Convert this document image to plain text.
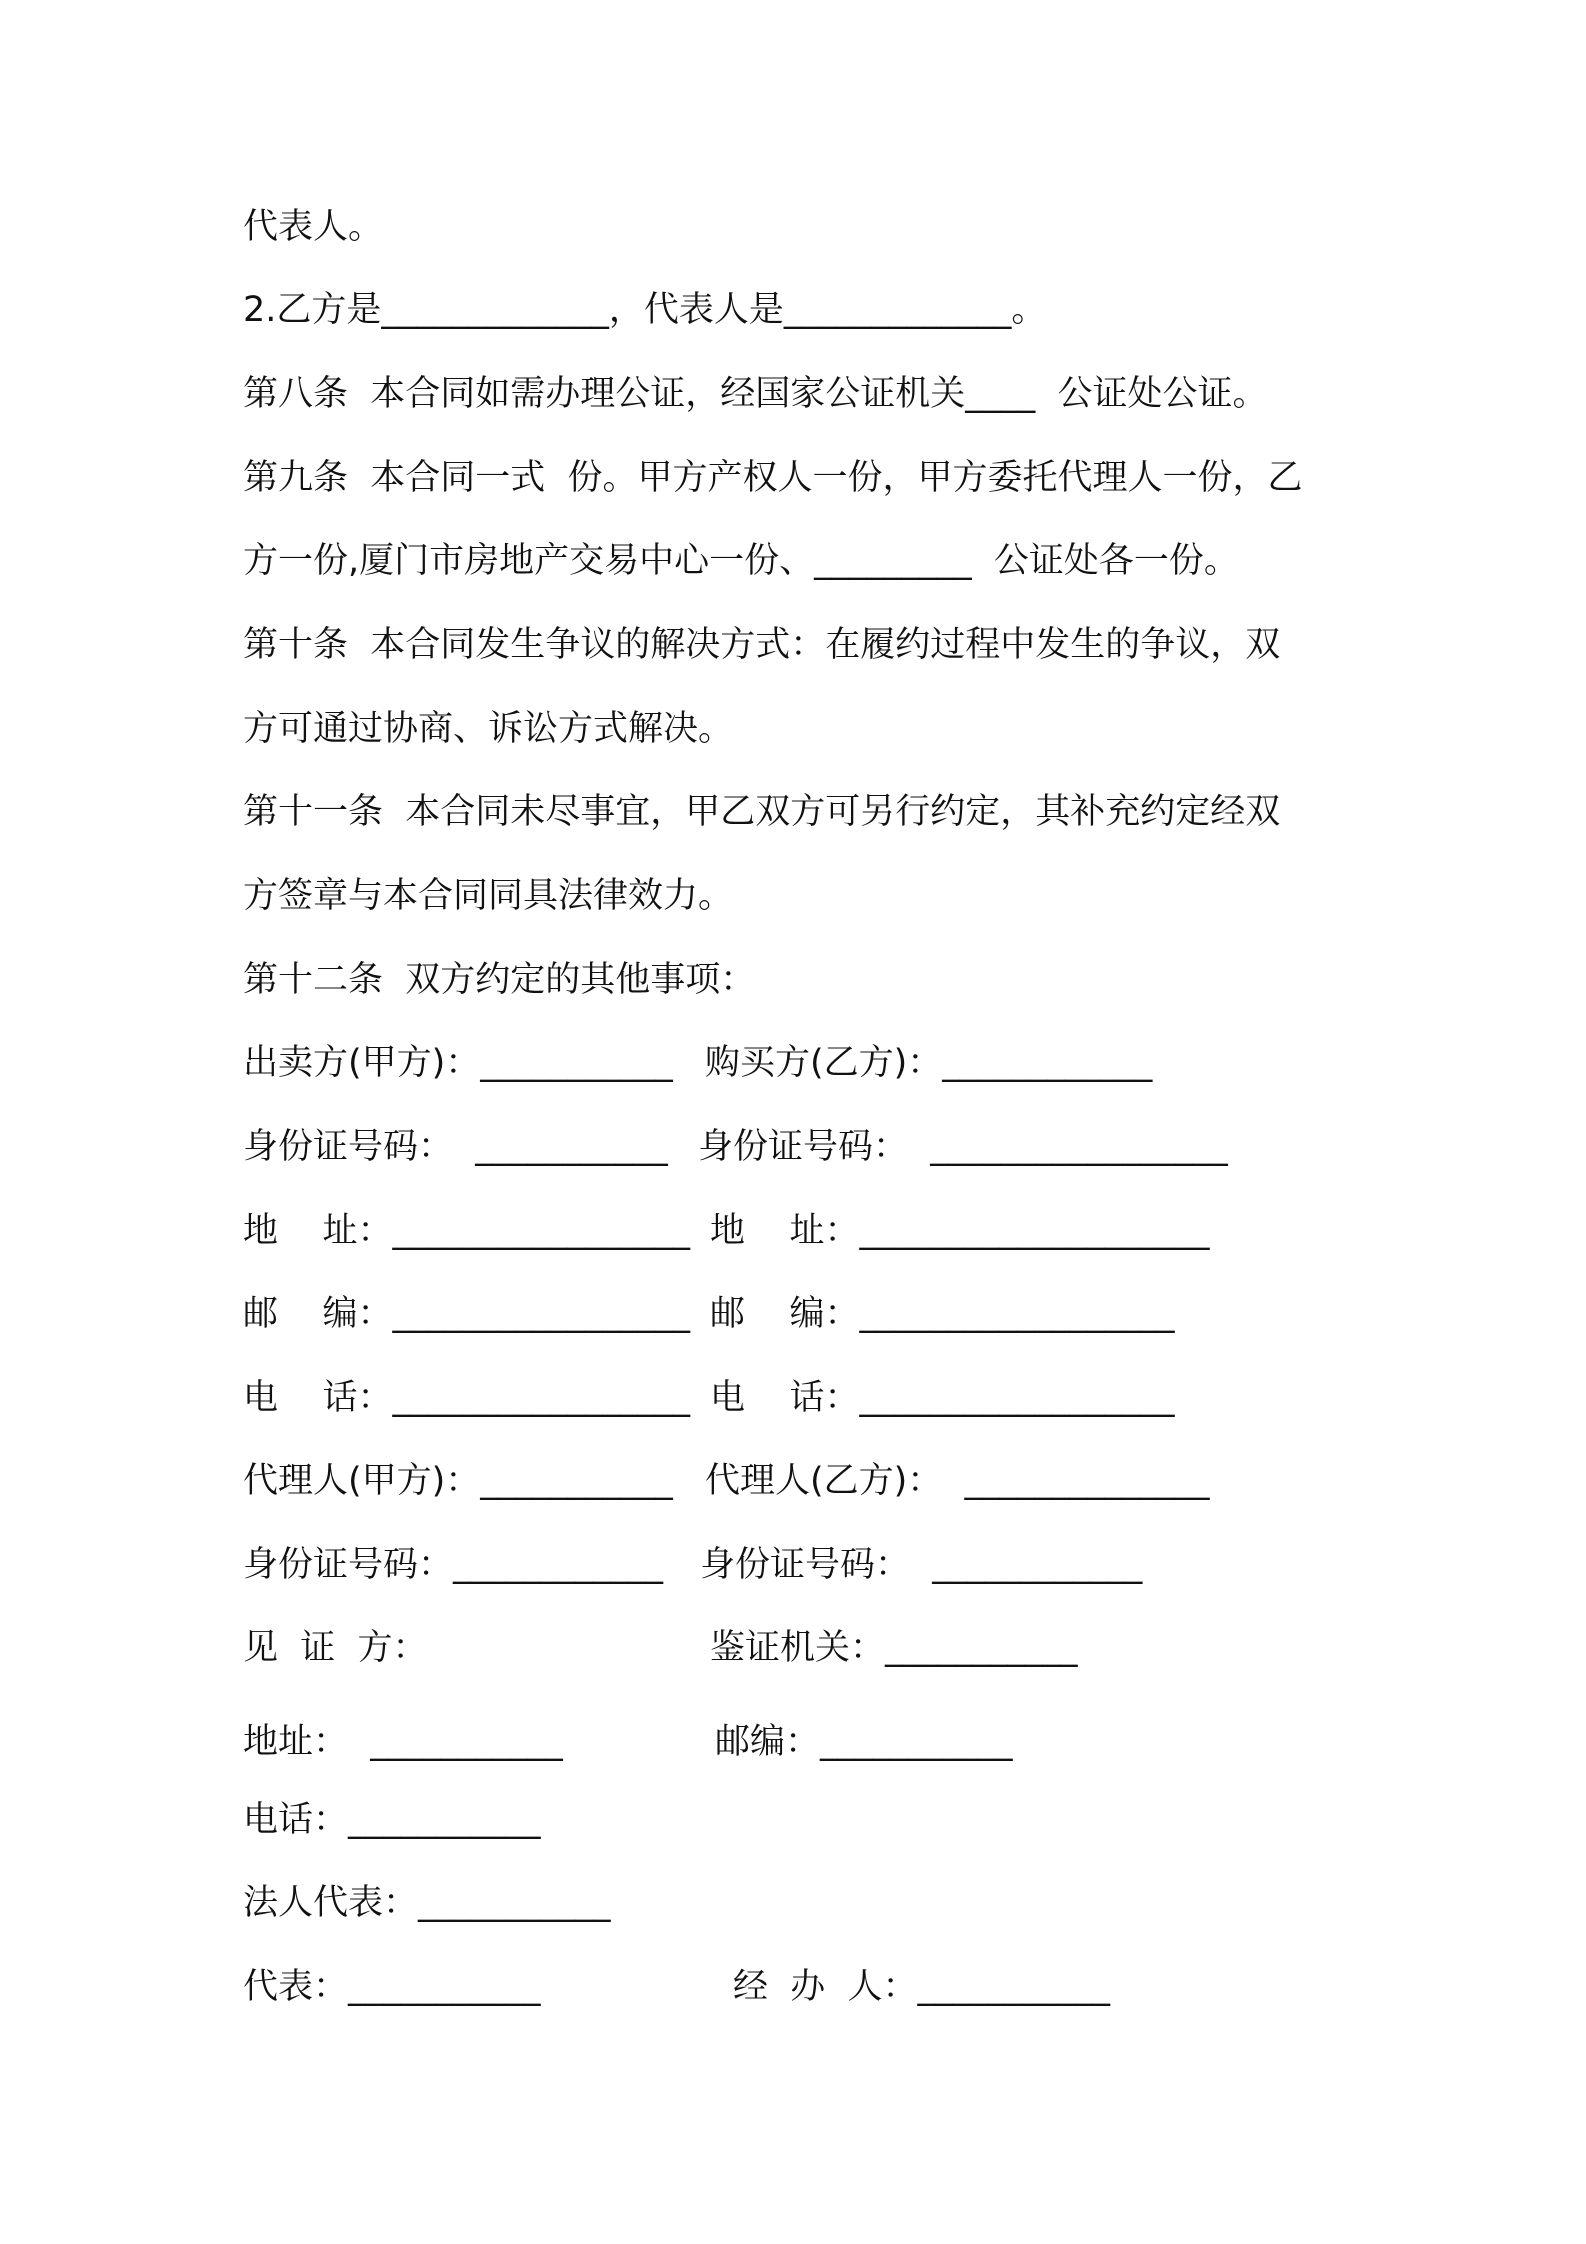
代表人。
2.乙方是_____________，代表人是_____________。
第八条  本合同如需办理公证，经国家公证机关____  公证处公证。
第九条  本合同一式  份。甲方产权人一份，甲方委托代理人一份，乙
方一份,厦门市房地产交易中心一份、_________  公证处各一份。
第十条  本合同发生争议的解决方式：在履约过程中发生的争议，双
方可通过协商、诉讼方式解决。
第十一条  本合同未尽事宜，甲乙双方可另行约定，其补充约定经双
方签章与本合同同具法律效力。
第十二条  双方约定的其他事项：
出卖方(甲方)：___________ 购买方(乙方)：____________
身份证号码：  ___________ 身份证号码：  _________________
地    址：_________________ 地    址：____________________
邮    编：_________________ 邮    编：__________________
电    话：_________________ 电    话：__________________
代理人(甲方)：___________ 代理人(乙方)：  ______________
身份证号码：____________ 身份证号码：  ____________
见  证  方：	鉴证机关：___________
地址：  ___________	邮编：___________
电话：___________
法人代表：___________
代表：___________	经  办  人：___________
